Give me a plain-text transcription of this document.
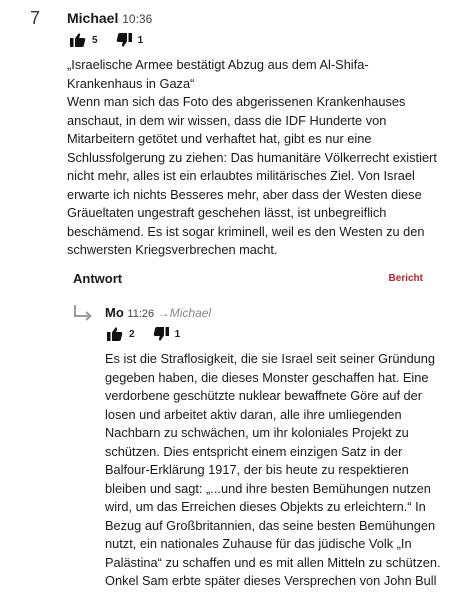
7 Michael 10:36
5	1

„Israelische Armee bestätigt Abzug aus dem Al-Shifa-Krankenhaus in Gaza“
Wenn man sich das Foto des abgerissenen Krankenhauses anschaut, in dem wir wissen, dass die IDF Hunderte von Mitarbeitern getötet und verhaftet hat, gibt es nur eine Schlussfolgerung zu ziehen: Das humanitäre Völkerrecht existiert nicht mehr, alles ist ein erlaubtes militärisches Ziel. Von Israel erwarte ich nichts Besseres mehr, aber dass der Westen diese Gräueltaten ungestraft geschehen lässt, ist unbegreiflich beschämend. Es ist sogar kriminell, weil es den Westen zu den schwersten Kriegsverbrechen macht.

Antwort	Bericht
Mo 11:26 →Michael
2	1

Es ist die Straflosigkeit, die sie Israel seit seiner Gründung gegeben haben, die dieses Monster geschaffen hat. Eine verdorbene geschützte nuklear bewaffnete Göre auf der losen und arbeitet aktiv daran, alle ihre umliegenden Nachbarn zu schwächen, um ihr koloniales Projekt zu schützen. Dies entspricht einem einzigen Satz in der Balfour-Erklärung 1917, der bis heute zu respektieren bleiben und sagt: „...und ihre besten Bemühungen nutzen wird, um das Erreichen dieses Objekts zu erleichtern.“ In Bezug auf Großbritannien, das seine besten Bemühungen nutzt, ein nationales Zuhause für das jüdische Volk „In Palästina“ zu schaffen und es mit allen Mitteln zu schützen. Onkel Sam erbte später dieses Versprechen von John Bull
